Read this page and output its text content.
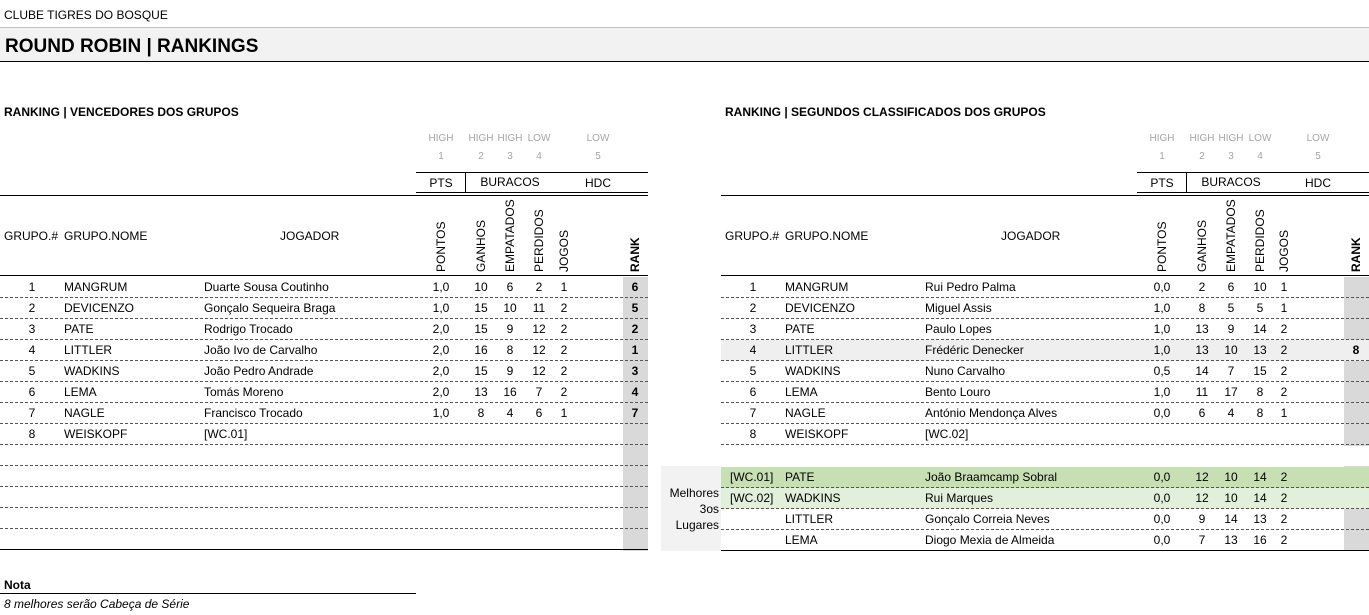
CLUBE TIGRES DO BOSQUE
ROUND ROBIN | RANKINGS
RANKING | VENCEDORES DOS GRUPOS
HIGH
1
HIGH
2
HIGH
3
LOW
4
LOW
5
PTS	BURACOS	HDC
GRUPO.# GRUPO.NOME	JOGADOR	PONTOS GANHOS EMPATADOS PERDIDOS JOGOS	RANK
1	MANGRUM	Duarte Sousa Coutinho	1,0	10	6	2	1	6
2	DEVICENZO	Gonçalo Sequeira Braga	1,0	15	10	11	2	5
3	PATE	Rodrigo Trocado	2,0	15	9	12	2	2
4	LITTLER	João Ivo de Carvalho	2,0	16	8	12	2	1
5	WADKINS	João Pedro Andrade	2,0	15	9	12	2	3
6	LEMA	Tomás Moreno	2,0	13	16	7	2	4
7	NAGLE	Francisco Trocado	1,0	8	4	6	1	7
8	WEISKOPF	[WC.01]
RANKING | SEGUNDOS CLASSIFICADOS DOS GRUPOS
HIGH
1
HIGH
2
HIGH
3
LOW
4
LOW
5
PTS	BURACOS	HDC
GRUPO.# GRUPO.NOME	JOGADOR	PONTOS GANHOS EMPATADOS PERDIDOS JOGOS	RANK
1	MANGRUM	Rui Pedro Palma	0,0	2	6	10	1
2	DEVICENZO	Miguel Assis	1,0	8	5	5	1
3	PATE	Paulo Lopes	1,0	13	9	14	2
4	LITTLER	Frédéric Denecker	1,0	13	10	13	2	8
5	WADKINS	Nuno Carvalho	0,5	14	7	15	2
6	LEMA	Bento Louro	1,0	11	17	8	2
7	NAGLE	António Mendonça Alves	0,0	6	4	8	1
8	WEISKOPF	[WC.02]
[WC.01] PATE	João Braamcamp Sobral	0,0	12	10	14	2
[WC.02] WADKINS	Rui Marques	0,0	12	10	14	2
LITTLER	Gonçalo Correia Neves	0,0	9	14	13	2
LEMA	Diogo Mexia de Almeida	0,0	7	13	16	2
Melhores
3os
Lugares
Nota
8 melhores serão Cabeça de Série
